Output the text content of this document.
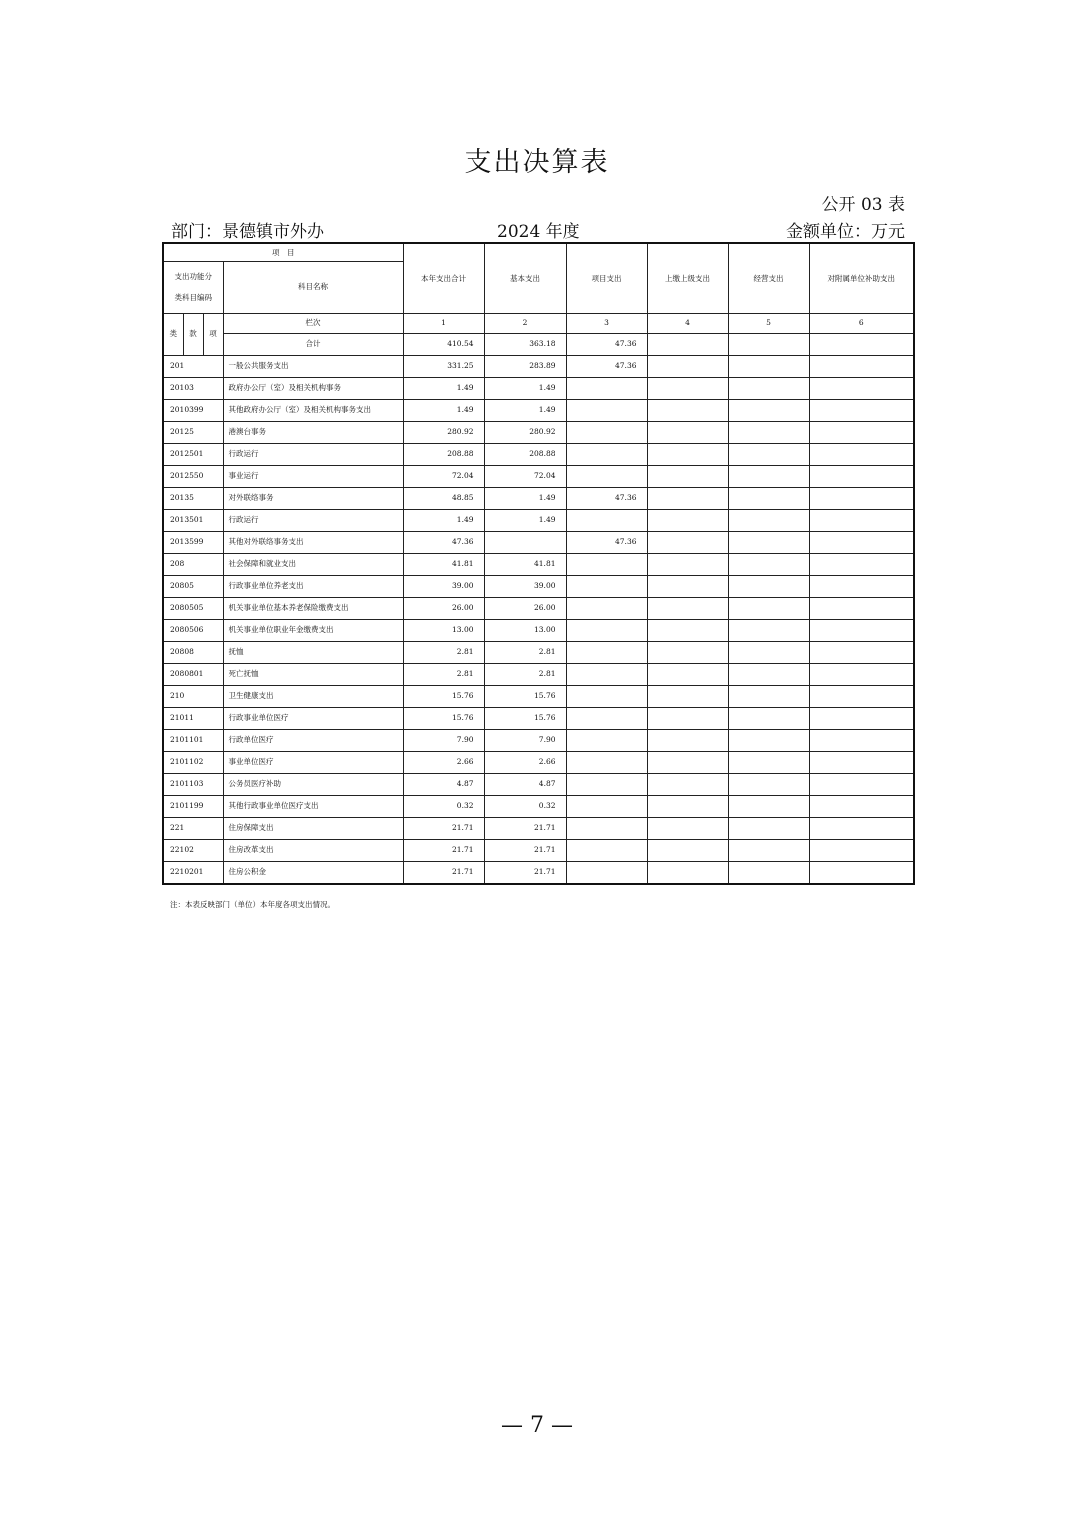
支出决算表
公开 03 表
部门：景德镇市外办	2024 年度	金额单位：万元
项　目				本年支出合计	基本支出	项目支出	上缴上级支出	经营支出	对附属单位补助支出
支出功能分
类科目编码			科目名称						
类	款	项	栏次	1	2	3	4	5	6
			合计	410.54	363.18	47.36			
201			一般公共服务支出	331.25	283.89	47.36			
20103			政府办公厅（室）及相关机构事务	1.49	1.49				
2010399			其他政府办公厅（室）及相关机构事务支出	1.49	1.49				
20125			港澳台事务	280.92	280.92				
2012501			行政运行	208.88	208.88				
2012550			事业运行	72.04	72.04				
20135			对外联络事务	48.85	1.49	47.36			
2013501			行政运行	1.49	1.49				
2013599			其他对外联络事务支出	47.36		47.36			
208			社会保障和就业支出	41.81	41.81				
20805			行政事业单位养老支出	39.00	39.00				
2080505			机关事业单位基本养老保险缴费支出	26.00	26.00				
2080506			机关事业单位职业年金缴费支出	13.00	13.00				
20808			抚恤	2.81	2.81				
2080801			死亡抚恤	2.81	2.81				
210			卫生健康支出	15.76	15.76				
21011			行政事业单位医疗	15.76	15.76				
2101101			行政单位医疗	7.90	7.90				
2101102			事业单位医疗	2.66	2.66				
2101103			公务员医疗补助	4.87	4.87				
2101199			其他行政事业单位医疗支出	0.32	0.32				
221			住房保障支出	21.71	21.71				
22102			住房改革支出	21.71	21.71				
2210201			住房公积金	21.71	21.71				
注：本表反映部门（单位）本年度各项支出情况。
— 7 —
